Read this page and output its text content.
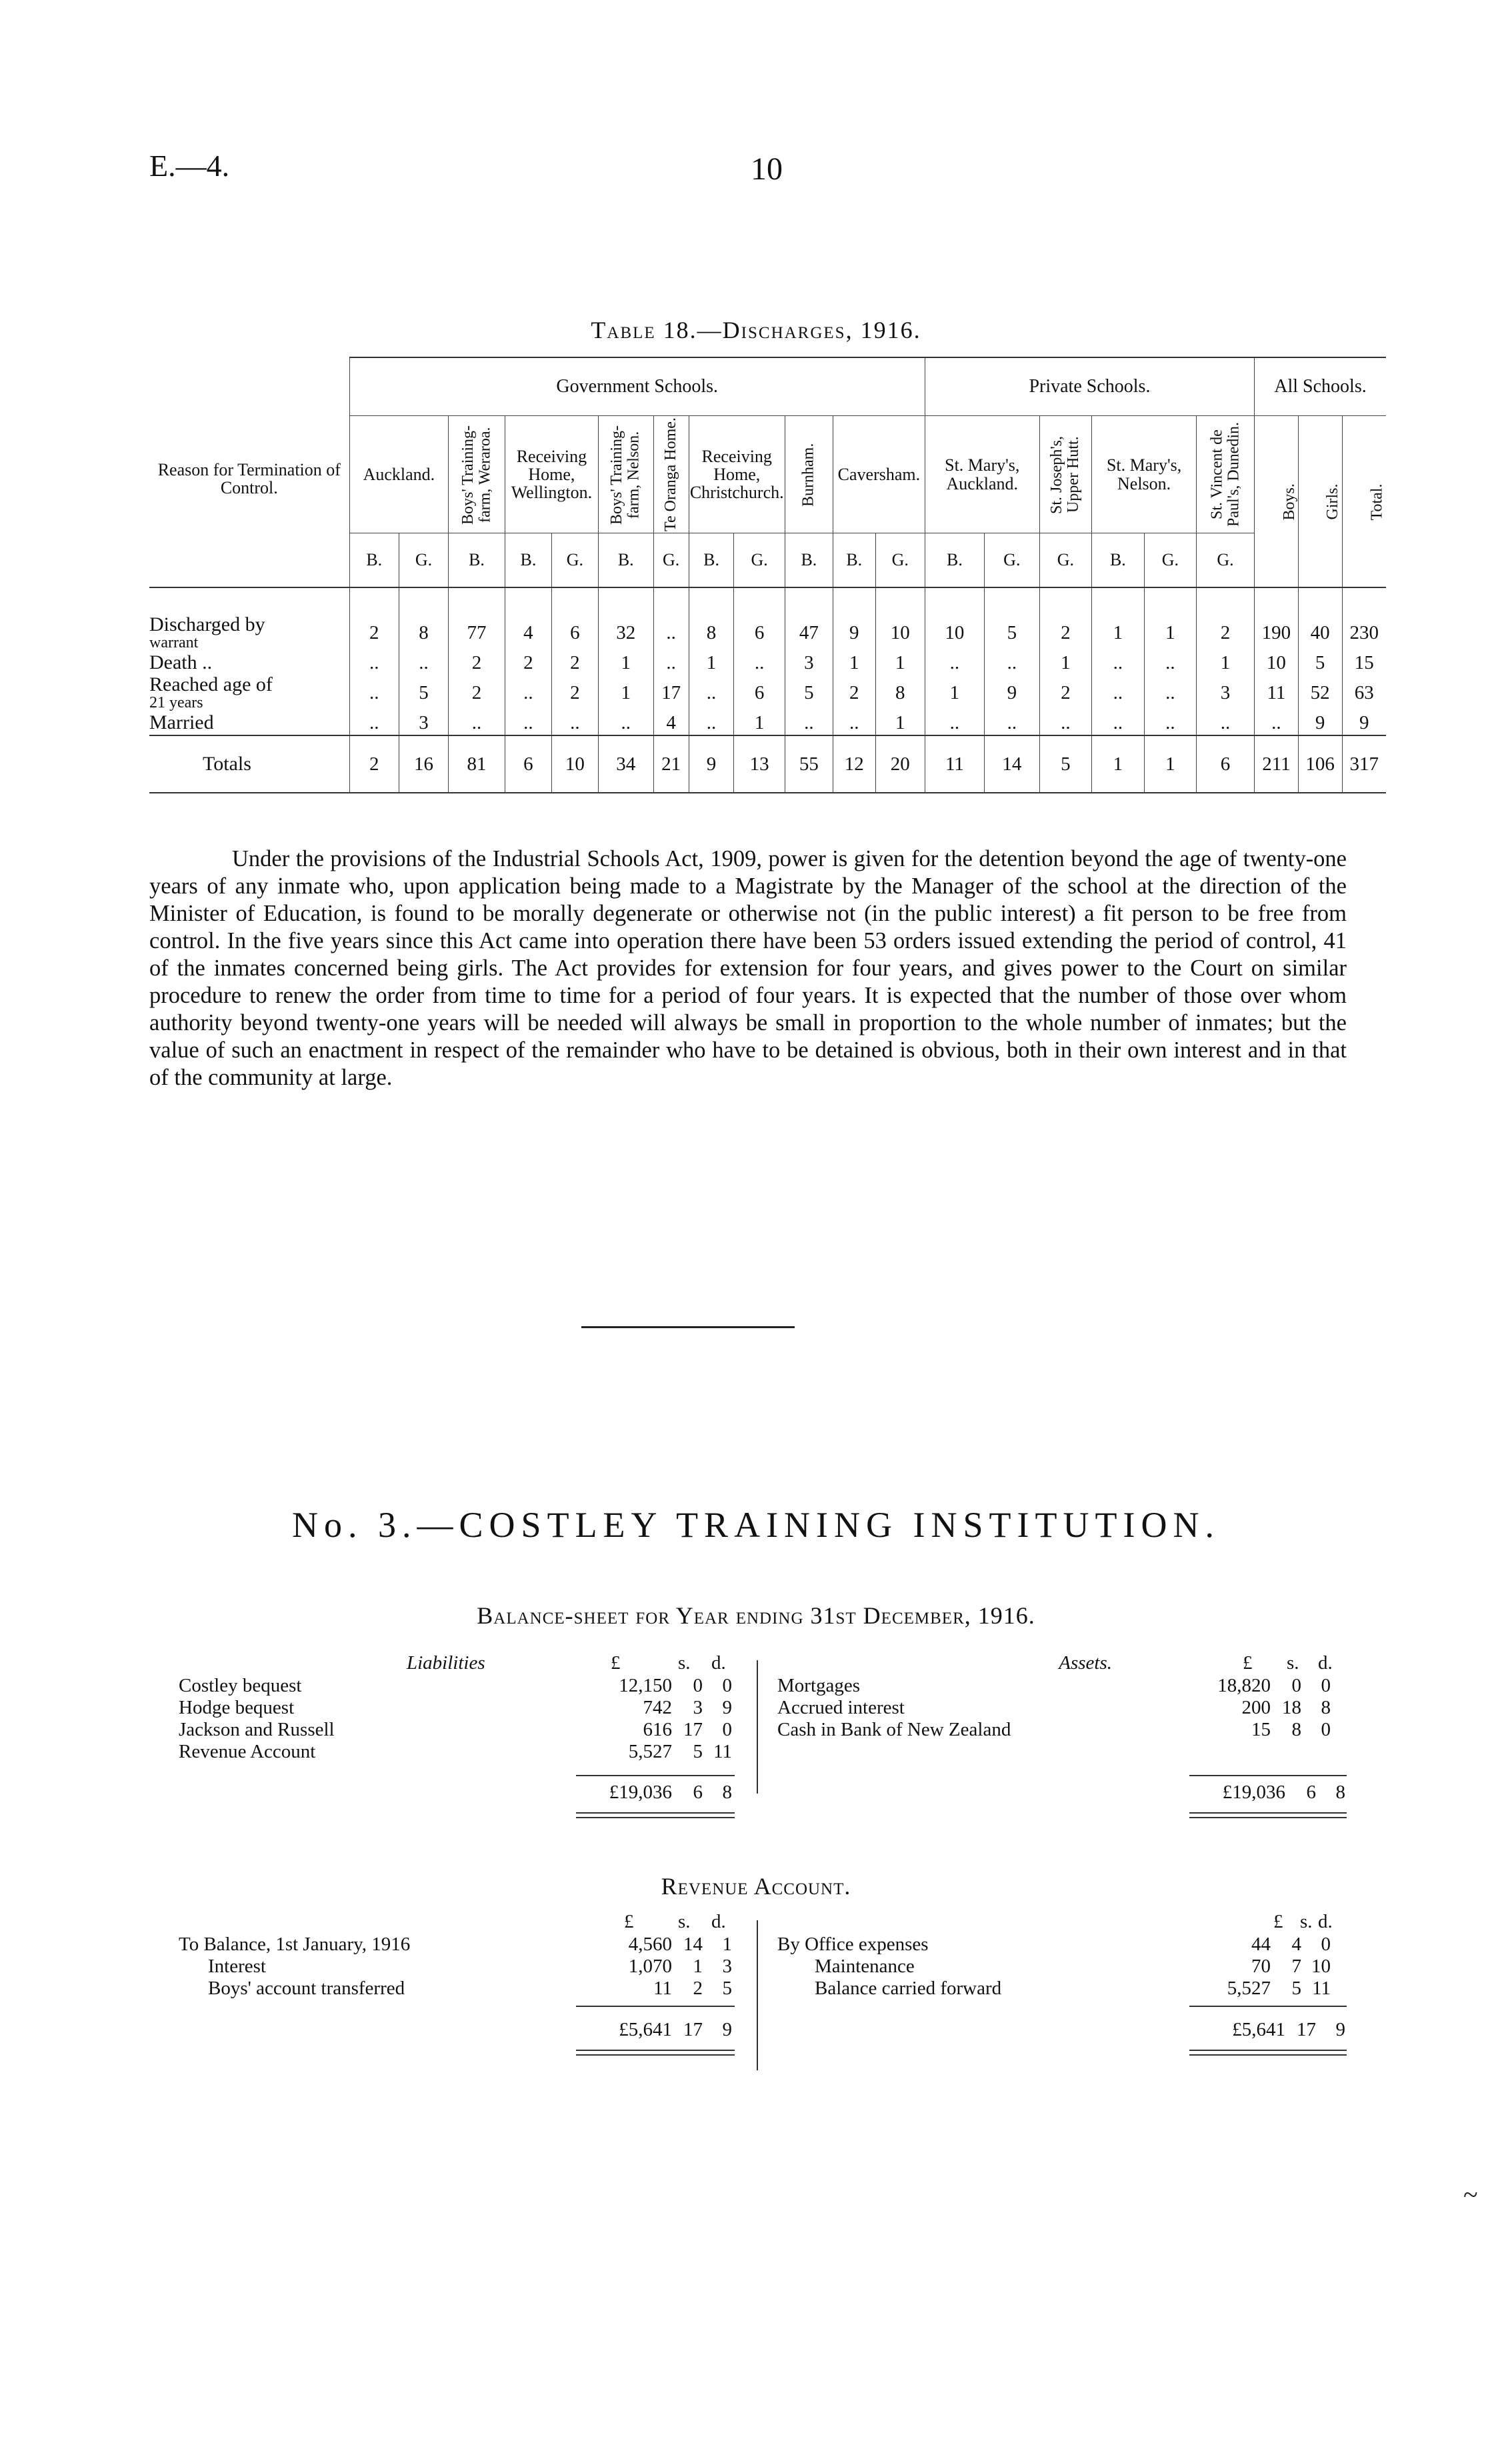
E.—4.	10
Table 18.—Discharges, 1916.
Reason for Termination of Control.	Government Schools.												Private Schools.						All Schools.		
	Auckland.		Boys' Training-farm, Weraroa.	Receiving Home, Wellington.		Boys' Training-farm, Nelson.	Te Oranga Home.	Receiving Home, Christchurch.		Burnham.	Caversham.		St. Mary's, Auckland.		St. Joseph's, Upper Hutt.	St. Mary's, Nelson.		St. Vincent de Paul's, Dunedin.	Boys.	Girls.	Total.
	B.	G.	B.	B.	G.	B.	G.	B.	G.	B.	B.	G.	B.	G.	G.	B.	G.	G.			
Discharged by
warrant	2	8	77	4	6	32	..	8	6	47	9	10	10	5	2	1	1	2	190	40	230
Death ..	..	..	2	2	2	1	..	1	..	3	1	1	..	..	1	..	..	1	10	5	15
Reached age of
21 years	..	5	2	..	2	1	17	..	6	5	2	8	1	9	2	..	..	3	11	52	63
Married	..	3	..	..	..	..	4	..	1	..	..	1	..	..	..	..	..	..	..	9	9
Totals	2	16	81	6	10	34	21	9	13	55	12	20	11	14	5	1	1	6	211	106	317

Under the provisions of the Industrial Schools Act, 1909, power is given for the detention beyond the age of twenty-one years of any inmate who, upon application being made to a Magistrate by the Manager of the school at the direction of the Minister of Education, is found to be morally degenerate or otherwise not (in the public interest) a fit person to be free from control. In the five years since this Act came into operation there have been 53 orders issued extending the period of control, 41 of the inmates concerned being girls. The Act provides for extension for four years, and gives power to the Court on similar procedure to renew the order from time to time for a period of four years. It is expected that the number of those over whom authority beyond twenty-one years will be needed will always be small in proportion to the whole number of inmates; but the value of such an enactment in respect of the remainder who have to be detained is obvious, both in their own interest and in that of the community at large.

No. 3.—COSTLEY TRAINING INSTITUTION.
Balance-sheet for Year ending 31st December, 1916.
Liabilities	Assets.
£	s. d.	£ s. d.
Costley bequest	12,150	0	0
Hodge bequest	742	3	9
Jackson and Russell	616 17	0
Revenue Account	5,527	5 11
Mortgages	18,820	0	0
Accrued interest	200 18	8
Cash in Bank of New Zealand	15	8	0
£19,036	6	8	£19,036	6	8
Revenue Account.
£ s. d.	£ s. d.
To Balance, 1st January, 1916	4,560 14	1
Interest	1,070	1	3
Boys' account transferred	11	2	5
By Office expenses	44	4	0
Maintenance	70	7 10
Balance carried forward	5,527	5 11
£5,641 17	9	£5,641 17	9
~
